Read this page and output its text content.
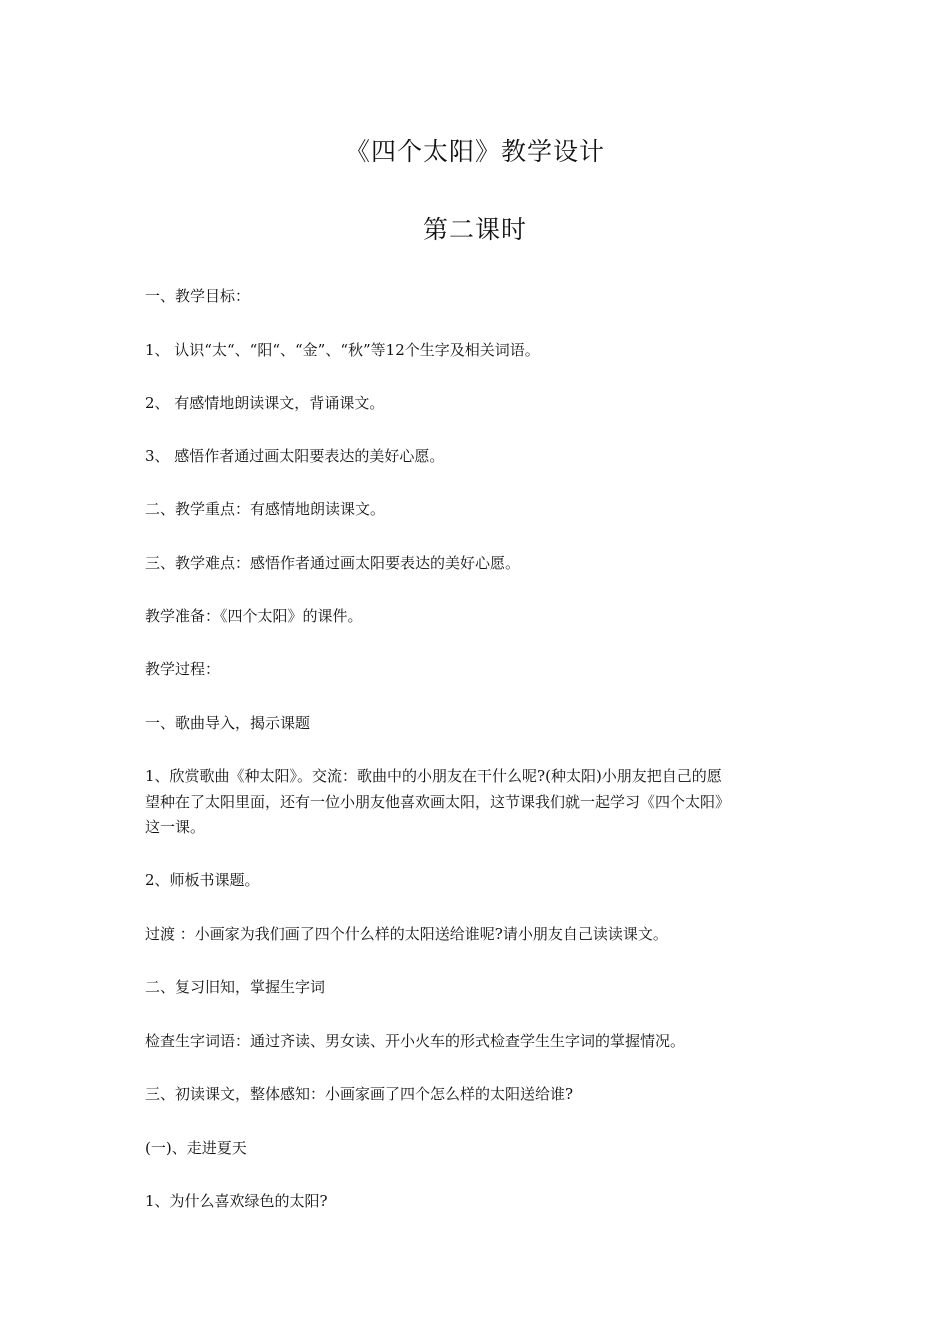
《四个太阳》教学设计
第二课时

一、教学目标：

1、 认识“太“、“阳“、“金”、“秋”等12个生字及相关词语。

2、 有感情地朗读课文，背诵课文。

3、 感悟作者通过画太阳要表达的美好心愿。

二、教学重点：有感情地朗读课文。

三、教学难点：感悟作者通过画太阳要表达的美好心愿。

教学准备：《四个太阳》的课件。

教学过程：

一、歌曲导入，揭示课题

1、欣赏歌曲《种太阳》。交流：歌曲中的小朋友在干什么呢?(种太阳)小朋友把自己的愿

望种在了太阳里面，还有一位小朋友他喜欢画太阳，这节课我们就一起学习《四个太阳》

这一课。

2、师板书课题。

过渡 ：小画家为我们画了四个什么样的太阳送给谁呢?请小朋友自己读读课文。

二、复习旧知，掌握生字词

检查生字词语：通过齐读、男女读、开小火车的形式检查学生生字词的掌握情况。

三、初读课文，整体感知：小画家画了四个怎么样的太阳送给谁?

(一)、走进夏天

1、为什么喜欢绿色的太阳?
